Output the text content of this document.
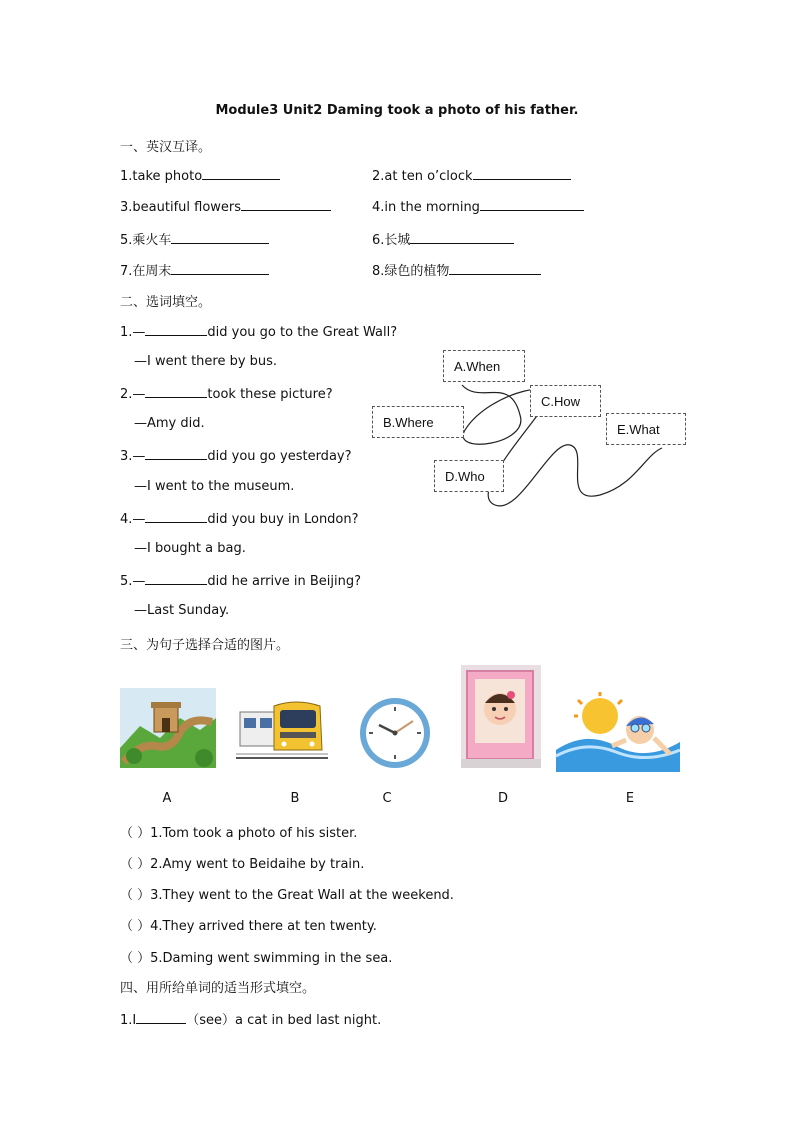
Module3 Unit2 Daming took a photo of his father.
一、英汉互译。
1.take photo	2.at ten o’clock
3.beautiful flowers	4.in the morning
5.乘火车	6.长城
7.在周末	8.绿色的植物
二、选词填空。
1.—	did you go to the Great Wall?
—I went there by bus.
2.—	took these picture?
—Amy did.
3.—	did you go yesterday?
—I went to the museum.
4.—	did you buy in London?
—I bought a bag.
5.—	did he arrive in Beijing?
—Last Sunday.
A.When
B.Where
C.How
D.Who
E.What
三、为句子选择合适的图片。
A	B	C	D	E
（ ）1.Tom took a photo of his sister.
（ ）2.Amy went to Beidaihe by train.
（ ）3.They went to the Great Wall at the weekend.
（ ）4.They arrived there at ten twenty.
（ ）5.Daming went swimming in the sea.
四、用所给单词的适当形式填空。
1.I	（see）a cat in bed last night.
